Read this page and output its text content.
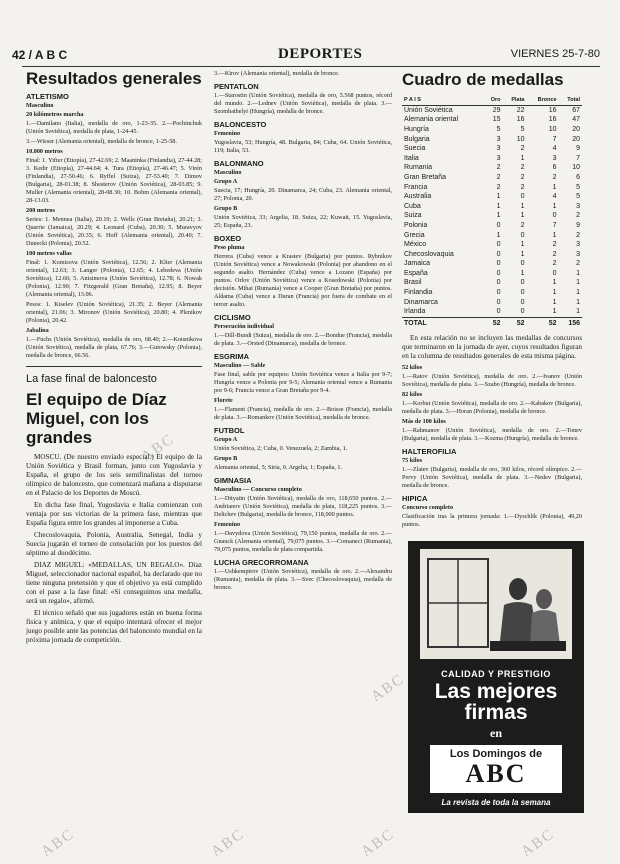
42 / A B C	DEPORTES	VIERNES 25-7-80
Resultados generales
ATLETISMO
Masculino
20 kilómetros marcha

1.—Damilano (Italia), medalla de oro, 1-23-35. 2.—Pochinchuk (Unión Soviética), medalla de plata, 1-24-45.

3.—Wieser (Alemania oriental), medalla de bronce, 1-25-58.

10.000 metros

Final: 1. Yifter (Etiopía), 27-42.69; 2. Maaninka (Finlandia), 27-44.28; 3. Kedir (Etiopía), 27-44.64; 4. Tura (Etiopía), 27-46.47; 5. Virén (Finlandia), 27-50.46; 6. Ryffel (Suiza), 27-53.40; 7. Dimov (Bulgaria), 28-01.38; 8. Shesterov (Unión Soviética), 28-03.85; 9. Muller (Alemania oriental), 28-08.30; 10. Bohm (Alemania oriental), 28-13.03.

200 metros

Series: 1. Mennea (Italia), 20.19; 2. Wells (Gran Bretaña), 20.21; 3. Quarrie (Jamaica), 20.29; 4. Leonard (Cuba), 20.30; 5. Muravyov (Unión Soviética), 20.35; 6. Hoff (Alemania oriental), 20.40; 7. Dunecki (Polonia), 20.52.

100 metros vallas

Final: 1. Komisova (Unión Soviética), 12.56; 2. Klier (Alemania oriental), 12.63; 3. Langer (Polonia), 12.65; 4. Lebedeva (Unión Soviética), 12.66; 5. Anisimova (Unión Soviética), 12.78; 6. Nowak (Polonia), 12.90; 7. Fitzgerald (Gran Bretaña), 12.95; 8. Beyer (Alemania oriental), 13.06.

Pesos: 1. Kiselev (Unión Soviética), 21.35; 2. Beyer (Alemania oriental), 21.06; 3. Mironov (Unión Soviética), 20.80; 4. Plenikov (Polonia), 20.42.

Jabalina

1.—Fuchs (Unión Soviética), medalla de oro, 68.40; 2.—Kotsnikova (Unión Soviética), medalla de plata, 67.76; 3.—Gutowsky (Polonia), medalla de bronce, 66.56.

La fase final de baloncesto
El equipo de Díaz Miguel, con los grandes

MOSCU. (De nuestro enviado especial.) El equipo de la Unión Soviética y Brasil forman, junto con Yugoslavia y España, el grupo de los seis semifinalistas del torneo olímpico de baloncesto, que comenzará mañana a disputarse en el Palacio de los Deportes de Moscú.

En dicha fase final, Yugoslavia e Italia comienzan con ventaja por sus victorias de la primera fase, mientras que España figura entre los grandes al imponerse a Cuba.

Checoslovaquia, Polonia, Australia, Senegal, India y Suecia jugarán el torneo de consolación por los puestos del séptimo al duodécimo.

DIAZ MIGUEL: «MEDALLAS, UN REGALO». Díaz Miguel, seleccionador nacional español, ha declarado que no tiene ninguna pretensión y que el objetivo ya está cumplido con el pase a la fase final: «Si conseguimos una medalla, será un regalo», afirmó.

El técnico señaló que sus jugadores están en buena forma física y anímica, y que el equipo intentará ofrecer el mejor juego posible ante las potencias del baloncesto mundial en la próxima jornada de competición.

3.—Kirov (Alemania oriental), medalla de bronce.

PENTATLON

1.—Starostin (Unión Soviética), medalla de oro, 5.568 puntos, récord del mundo. 2.—Lednev (Unión Soviética), medalla de plata. 3.—Szombathelyi (Hungría), medalla de bronce.

BALONCESTO
Femenino

Yugoslavia, 53; Hungría, 48. Bulgaria, 84; Cuba, 64. Unión Soviética, 119; Italia, 53.

BALONMANO
Masculino
Grupo A

Suecia, 17; Hungría, 20. Dinamarca, 24; Cuba, 23. Alemania oriental, 27; Polonia, 20.

Grupo B

Unión Soviética, 33; Argelia, 18. Suiza, 22; Kuwait, 15. Yugoslavia, 25; España, 23.

BOXEO
Peso pluma

Herrera (Cuba) vence a Krastev (Bulgaria) por puntos. Rybnikov (Unión Soviética) vence a Nowakowski (Polonia) por abandono en el segundo asalto. Hernández (Cuba) vence a Lozano (España) por puntos. Orlov (Unión Soviética) vence a Kosedowski (Polonia) por decisión. Mihai (Rumania) vence a Cooper (Gran Bretaña) por puntos. Aldama (Cuba) vence a Duran (Francia) por fuera de combate en el tercer asalto.

CICLISMO
Persecución individual

1.—Dill-Bundi (Suiza), medalla de oro. 2.—Bondue (Francia), medalla de plata. 3.—Orsted (Dinamarca), medalla de bronce.

ESGRIMA
Masculino — Sable

Fase final, sable por equipos: Unión Soviética vence a Italia por 9-7; Hungría vence a Polonia por 9-5; Alemania oriental vence a Rumania por 9-6; Francia vence a Gran Bretaña por 9-4.

Florete

1.—Flament (Francia), medalla de oro. 2.—Boisse (Francia), medalla de plata. 3.—Romankov (Unión Soviética), medalla de bronce.

FUTBOL
Grupo A

Unión Soviética, 2; Cuba, 0. Venezuela, 2; Zambia, 1.

Grupo B

Alemania oriental, 5; Siria, 0. Argelia, 1; España, 1.

GIMNASIA
Masculino — Concurso completo

1.—Dityatin (Unión Soviética), medalla de oro, 118,650 puntos. 2.—Andrianov (Unión Soviética), medalla de plata, 118,225 puntos. 3.—Deltchev (Bulgaria), medalla de bronce, 118,000 puntos.

Femenino

1.—Davydova (Unión Soviética), 79,150 puntos, medalla de oro. 2.—Gnauck (Alemania oriental), 79,075 puntos. 3.—Comaneci (Rumania), 79,075 puntos, medalla de plata compartida.

LUCHA GRECORROMANA

1.—Ushkempirov (Unión Soviética), medalla de oro. 2.—Alexandru (Rumania), medalla de plata. 3.—Svec (Checoslovaquia), medalla de bronce.

Cuadro de medallas
P A I S	Oro	Plata	Bronce	Total
Unión Soviética	29	22	16	67
Alemania oriental	15	16	16	47
Hungría	5	5	10	20
Bulgaria	3	10	7	20
Suecia	3	2	4	9
Italia	3	1	3	7
Rumania	2	2	6	10
Gran Bretaña	2	2	2	6
Francia	2	2	1	5
Australia	1	0	4	5
Cuba	1	1	1	3
Suiza	1	1	0	2
Polonia	0	2	7	9
Grecia	1	0	1	2
México	0	1	2	3
Checoslovaquia	0	1	2	3
Jamaica	0	0	2	2
España	0	1	0	1
Brasil	0	0	1	1
Finlandia	0	0	1	1
Dinamarca	0	0	1	1
Irlanda	0	0	1	1
TOTAL	52	52	52	156

En esta relación no se incluyen las medallas de concursos que terminaron en la jornada de ayer, cuyos resultados figuran en la columna de resultados generales de esta misma página.

52 kilos

1.—Ratov (Unión Soviética), medalla de oro. 2.—Ivanov (Unión Soviética), medalla de plata. 3.—Szabo (Hungría), medalla de bronce.

82 kilos

1.—Korbut (Unión Soviética), medalla de oro. 2.—Kabakov (Bulgaria), medalla de plata. 3.—Horan (Polonia), medalla de bronce.

Más de 100 kilos

1.—Rahmanov (Unión Soviética), medalla de oro. 2.—Tonev (Bulgaria), medalla de plata. 3.—Kozma (Hungría), medalla de bronce.

HALTEROFILIA
75 kilos

1.—Zlatev (Bulgaria), medalla de oro, 360 kilos, récord olímpico. 2.—Pervy (Unión Soviética), medalla de plata. 3.—Nedev (Bulgaria), medalla de bronce.

HIPICA
Concurso completo

Clasificación tras la primera jornada: 1.—Dyschlik (Polonia), 49,20 puntos.

CALIDAD Y PRESTIGIO
Las mejores
firmas
en
Los Domingos de
ABC
La revista de toda la semana
ABC
ABC
ABC	ABC
ABC	ABC
